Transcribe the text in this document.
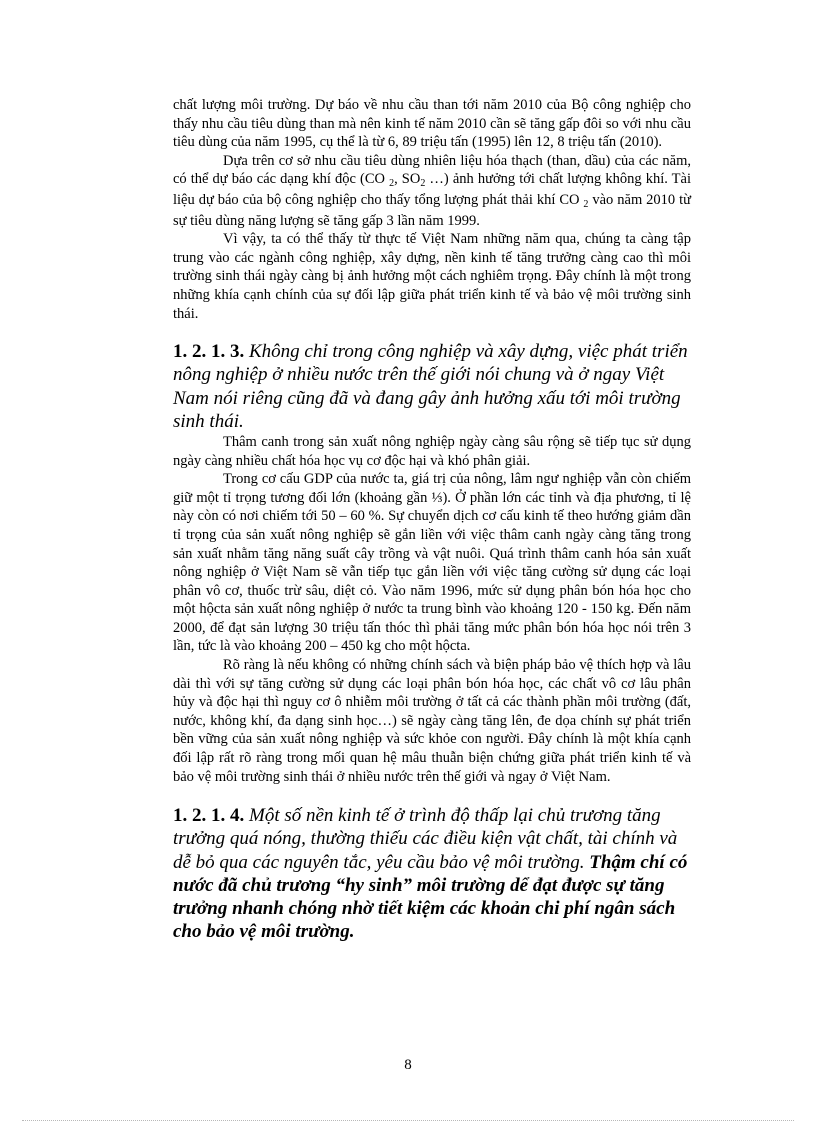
chất lượng môi trường. Dự báo về nhu cầu than tới năm 2010 của Bộ công nghiệp cho thấy nhu cầu tiêu dùng than mà nên kinh tế năm 2010 cần sẽ tăng gấp đôi so với nhu cầu tiêu dùng của năm 1995, cụ thể là từ 6, 89 triệu tấn (1995) lên 12, 8 triệu tấn (2010).

Dựa trên cơ sở nhu cầu tiêu dùng nhiên liệu hóa thạch (than, dầu) của các năm, có thể dự báo các dạng khí độc (CO $_2$, $SO_2$ …) ảnh hưởng tới chất lượng không khí. Tài liệu dự báo của bộ công nghiệp cho thấy tổng lượng phát thải khí CO $_2$ vào năm 2010 từ sự tiêu dùng năng lượng sẽ tăng gấp 3 lần năm 1999.

Vì vậy, ta có thể thấy từ thực tế Việt Nam những năm qua, chúng ta càng tập trung vào các ngành công nghiệp, xây dựng, nền kinh tế tăng trưởng càng cao thì môi trường sinh thái ngày càng bị ảnh hưởng một cách nghiêm trọng. Đây chính là một trong những khía cạnh chính của sự đối lập giữa phát triển kinh tế và bảo vệ môi trường sinh thái.

1. 2. 1. 3. Không chỉ trong công nghiệp và xây dựng, việc phát triển nông nghiệp ở nhiều nước trên thế giới nói chung và ở ngay Việt Nam nói riêng cũng đã và đang gây ảnh hưởng xấu tới môi trường sinh thái.

Thâm canh trong sản xuất nông nghiệp ngày càng sâu rộng sẽ tiếp tục sử dụng ngày càng nhiều chất hóa học vụ cơ độc hại và khó phân giải.

Trong cơ cấu GDP của nước ta, giá trị của nông, lâm ngư nghiệp vẫn còn chiếm giữ một tỉ trọng tương đối lớn (khoảng gần ⅓). Ở phần lớn các tỉnh và địa phương, tỉ lệ này còn có nơi chiếm tới 50 – 60 %. Sự chuyển dịch cơ cấu kinh tế theo hướng giảm dần tỉ trọng của sản xuất nông nghiệp sẽ gắn liền với việc thâm canh ngày càng tăng trong sản xuất nhằm tăng năng suất cây trồng và vật nuôi. Quá trình thâm canh hóa sản xuất nông nghiệp ở Việt Nam sẽ vẫn tiếp tục gắn liền với việc tăng cường sử dụng các loại phân vô cơ, thuốc trừ sâu, diệt cỏ. Vào năm 1996, mức sử dụng phân bón hóa học cho một hộcta sản xuất nông nghiệp ở nước ta trung bình vào khoảng 120 - 150 kg. Đến năm 2000, để đạt sản lượng 30 triệu tấn thóc thì phải tăng mức phân bón hóa học nói trên 3 lần, tức là vào khoảng 200 – 450 kg cho một hộcta.

Rõ ràng là nếu không có những chính sách và biện pháp bảo vệ thích hợp và lâu dài thì với sự tăng cường sử dụng các loại phân bón hóa học, các chất vô cơ lâu phân hủy và độc hại thì nguy cơ ô nhiễm môi trường ở tất cả các thành phần môi trường (đất, nước, không khí, đa dạng sinh học…) sẽ ngày càng tăng lên, đe dọa chính sự phát triển bền vững của sản xuất nông nghiệp và sức khỏe con người. Đây chính là một khía cạnh đối lập rất rõ ràng trong mối quan hệ mâu thuẫn biện chứng giữa phát triển kinh tế và bảo vệ môi trường sinh thái ở nhiều nước trên thế giới và ngay ở Việt Nam.

1. 2. 1. 4. Một số nền kinh tế ở trình độ thấp lại chủ trương tăng trưởng quá nóng, thường thiếu các điều kiện vật chất, tài chính và dễ bỏ qua các nguyên tắc, yêu cầu bảo vệ môi trường. Thậm chí có nước đã chủ trương “hy sinh” môi trường dể đạt được sự tăng trưởng nhanh chóng nhờ tiết kiệm các khoản chi phí ngân sách cho bảo vệ môi trường.

8
